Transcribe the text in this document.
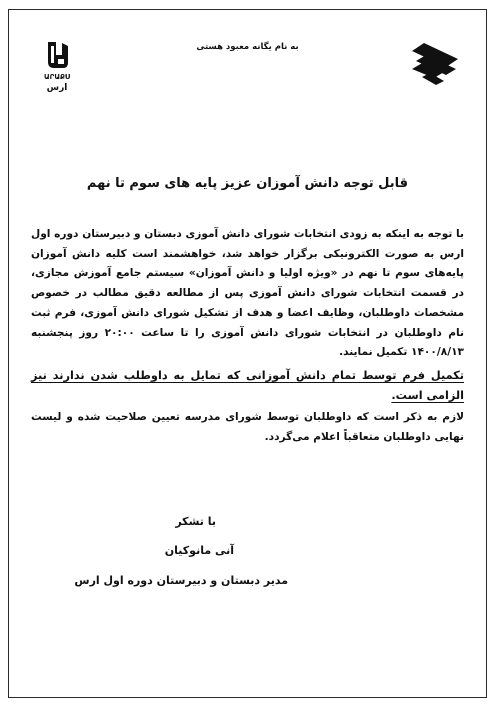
ԱՐԱՔՍ
ارس
به نام یگانه معبود هستی
قابل توجه دانش آموزان عزیز پایه های سوم تا نهم

با توجه به اینکه به زودی انتخابات شورای دانش آموزی دبستان و دبیرستان دوره اول ارس به صورت الکترونیکی برگزار خواهد شد، خواهشمند است کلیه دانش آموزان پایه‌های سوم تا نهم در «ویژه اولیا و دانش آموزان» سیستم جامع آموزش مجازی، در قسمت انتخابات شورای دانش آموزی پس از مطالعه دقیق مطالب در خصوص مشخصات داوطلبان، وظایف اعضا و هدف از تشکیل شورای دانش آموزی، فرم ثبت نام داوطلبان در انتخابات شورای دانش آموزی را تا ساعت ۲۰:۰۰ روز پنجشنبه ۱۴۰۰/۸/۱۳ تکمیل نمایند.

تکمیل فرم توسط تمام دانش آموزانی که تمایل به داوطلب شدن ندارند نیز الزامی است.

لازم به ذکر است که داوطلبان توسط شورای مدرسه تعیین صلاحیت شده و لیست نهایی داوطلبان متعاقباً اعلام می‌گردد.

با تشکر
آنی مانوکیان
مدیر دبستان و دبیرستان دوره اول ارس
